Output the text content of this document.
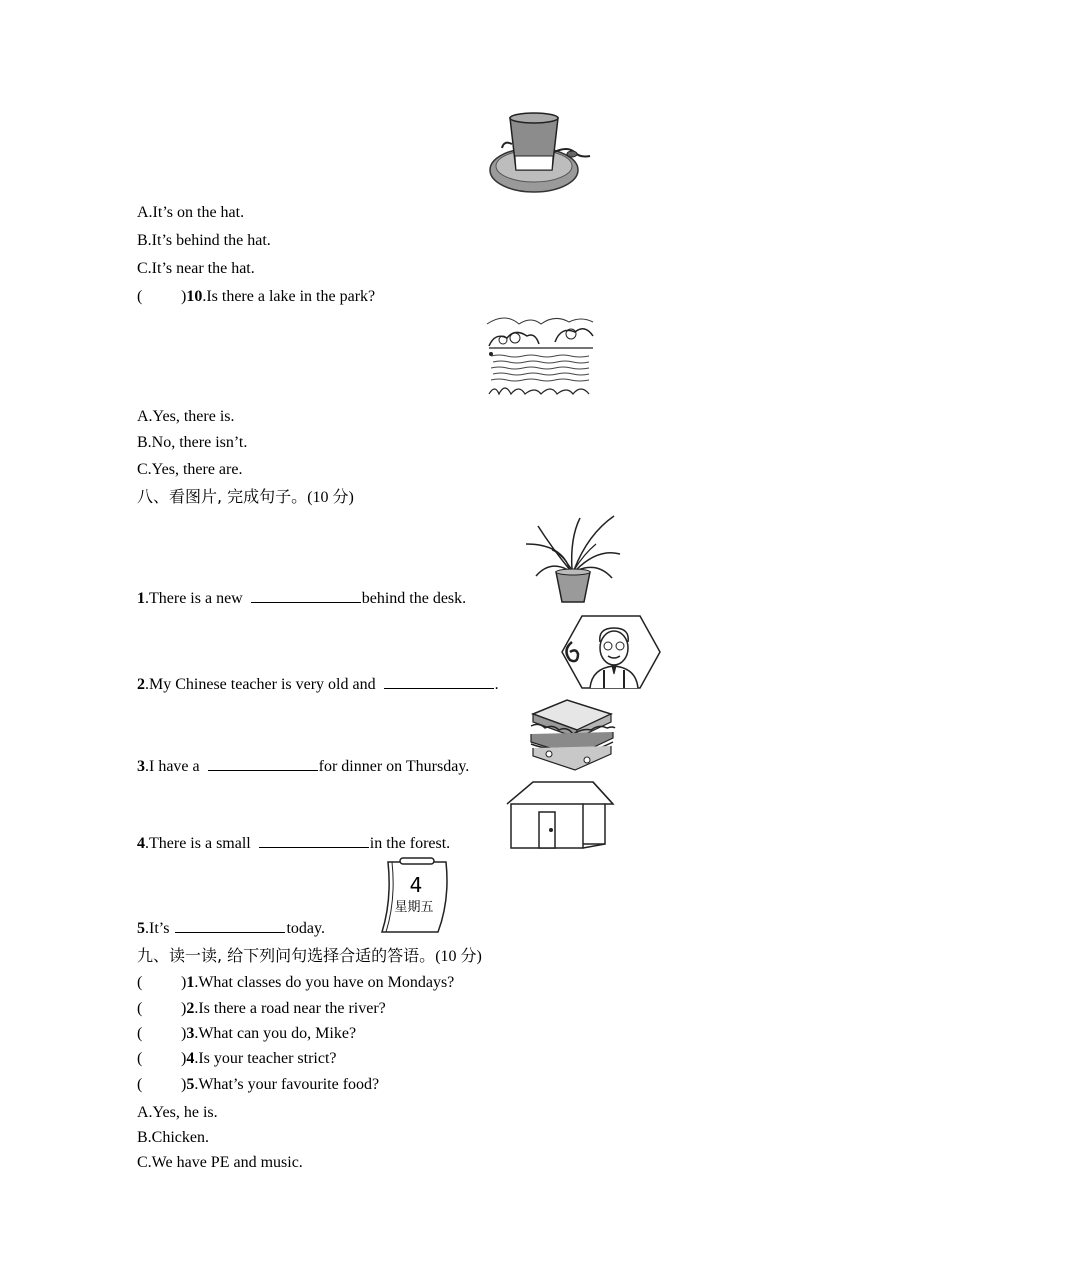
A.It’s on the hat.
B.It’s behind the hat.
C.It’s near the hat.
( )10.Is there a lake in the park?
A.Yes, there is.
B.No, there isn’t.
C.Yes, there are.
八、看图片, 完成句子。(10 分)
1.There is a new	behind the desk.
2.My Chinese teacher is very old and	.
3.I have a	for dinner on Thursday.
4.There is a small	in the forest.
4
星期五
5.It’s	today.
九、读一读, 给下列问句选择合适的答语。(10 分)
( )1.What classes do you have on Mondays?
( )2.Is there a road near the river?
( )3.What can you do, Mike?
( )4.Is your teacher strict?
( )5.What’s your favourite food?
A.Yes, he is.
B.Chicken.
C.We have PE and music.
